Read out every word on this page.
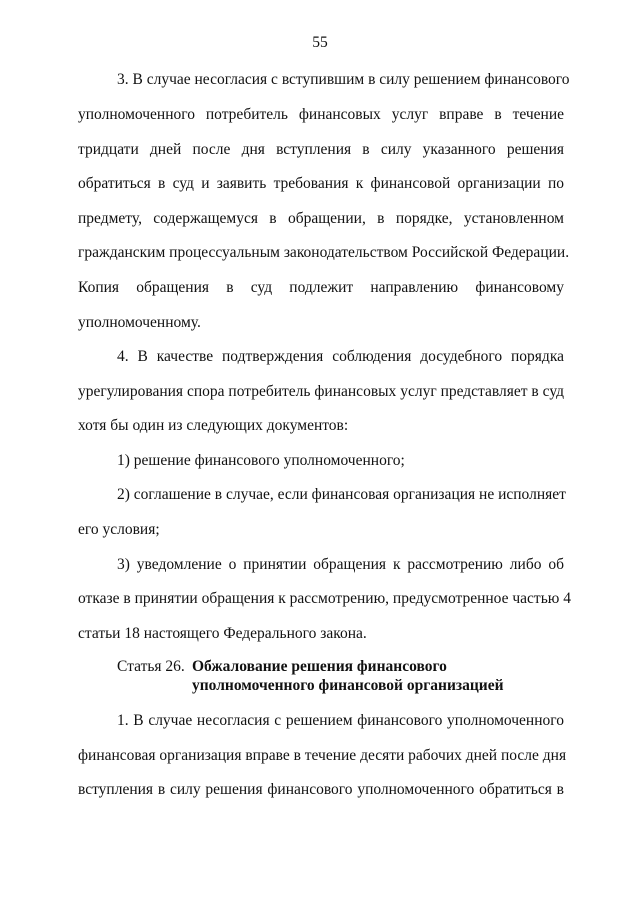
55
3. В случае несогласия с вступившим в силу решением финансового
уполномоченного потребитель финансовых услуг вправе в течение
тридцати дней после дня вступления в силу указанного решения
обратиться в суд и заявить требования к финансовой организации по
предмету, содержащемуся в обращении, в порядке, установленном
гражданским процессуальным законодательством Российской Федерации.
Копия обращения в суд подлежит направлению финансовому
уполномоченному.
4. В качестве подтверждения соблюдения досудебного порядка
урегулирования спора потребитель финансовых услуг представляет в суд
хотя бы один из следующих документов:
1) решение финансового уполномоченного;
2) соглашение в случае, если финансовая организация не исполняет
его условия;
3) уведомление о принятии обращения к рассмотрению либо об
отказе в принятии обращения к рассмотрению, предусмотренное частью 4
статьи 18 настоящего Федерального закона.
Статья 26. Обжалование решения финансового
уполномоченного финансовой организацией
1. В случае несогласия с решением финансового уполномоченного
финансовая организация вправе в течение десяти рабочих дней после дня
вступления в силу решения финансового уполномоченного обратиться в
